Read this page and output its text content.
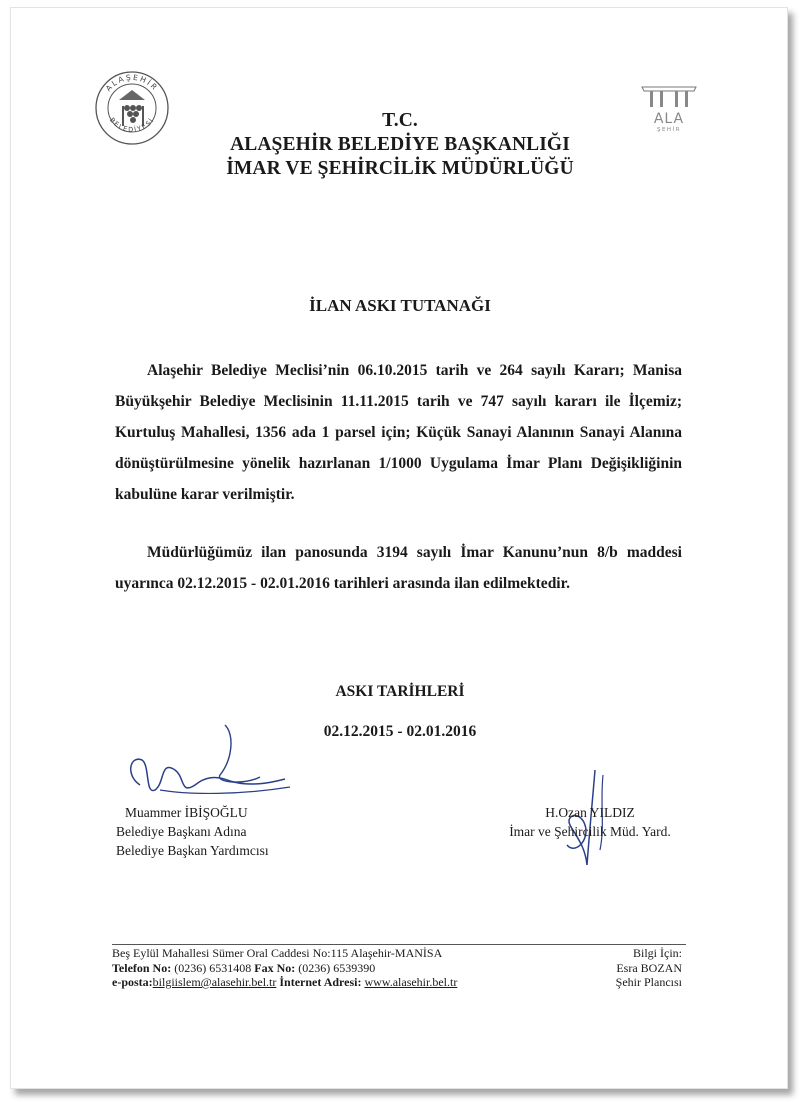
ALAŞEHİR
BELEDİYESİ	ALA
ŞEHİR
T.C.
ALAŞEHİR BELEDİYE BAŞKANLIĞI
İMAR VE ŞEHİRCİLİK MÜDÜRLÜĞÜ
İLAN ASKI TUTANAĞI
Alaşehir Belediye Meclisi’nin 06.10.2015 tarih ve 264 sayılı Kararı; Manisa Büyükşehir Belediye Meclisinin 11.11.2015 tarih ve 747 sayılı kararı ile İlçemiz; Kurtuluş Mahallesi, 1356 ada 1 parsel için; Küçük Sanayi Alanının Sanayi Alanına dönüştürülmesine yönelik hazırlanan 1/1000 Uygulama İmar Planı Değişikliğinin kabulüne karar verilmiştir.
Müdürlüğümüz ilan panosunda 3194 sayılı İmar Kanunu’nun 8/b maddesi uyarınca 02.12.2015 - 02.01.2016 tarihleri arasında ilan edilmektedir.
ASKI TARİHLERİ
02.12.2015 - 02.01.2016
Muammer İBİŞOĞLU
Belediye Başkanı Adına
Belediye Başkan Yardımcısı
H.Ozan YILDIZ
İmar ve Şehircilik Müd. Yard.
Beş Eylül Mahallesi Sümer Oral Caddesi No:115 Alaşehir-MANİSA
Telefon No: (0236) 6531408 Fax No: (0236) 6539390
e-posta:bilgiislem@alasehir.bel.tr İnternet Adresi: www.alasehir.bel.tr
Bilgi İçin:
Esra BOZAN
Şehir Plancısı
